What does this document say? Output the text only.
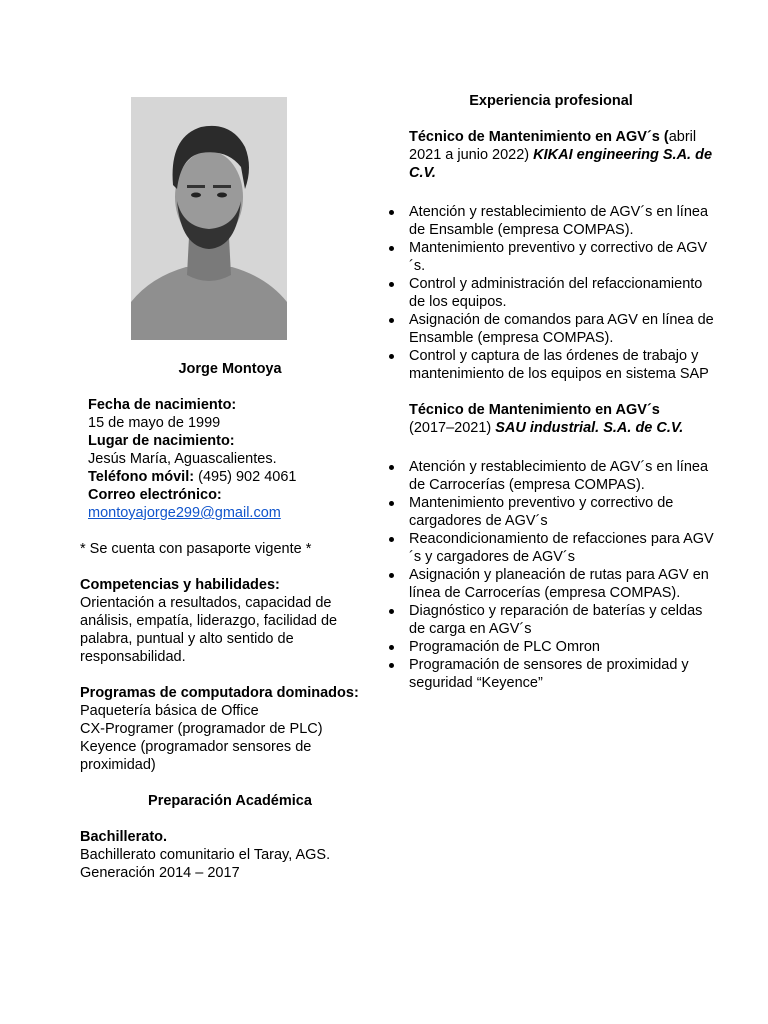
Jorge Montoya
Fecha de nacimiento:
15 de mayo de 1999
Lugar de nacimiento:
Jesús María, Aguascalientes.
Teléfono móvil: (495) 902 4061
Correo electrónico:
montoyajorge299@gmail.com
* Se cuenta con pasaporte vigente *
Competencias y habilidades:
Orientación a resultados, capacidad de análisis, empatía, liderazgo, facilidad de palabra, puntual y alto sentido de responsabilidad.
Programas de computadora dominados:
Paquetería básica de Office
CX-Programer (programador de PLC)
Keyence (programador sensores de proximidad)
Preparación Académica
Bachillerato.
Bachillerato comunitario el Taray, AGS.
Generación 2014 – 2017
Experiencia profesional
Técnico de Mantenimiento en AGV´s (abril 2021 a junio 2022) KIKAI engineering S.A. de C.V.
Atención y restablecimiento de AGV´s en línea de Ensamble (empresa COMPAS).
Mantenimiento preventivo y correctivo de AGV´s.
Control y administración del refaccionamiento de los equipos.
Asignación de comandos para AGV en línea de Ensamble (empresa COMPAS).
Control y captura de las órdenes de trabajo y mantenimiento de los equipos en sistema SAP
Técnico de Mantenimiento en AGV´s
(2017–2021) SAU industrial. S.A. de C.V.
Atención y restablecimiento de AGV´s en línea de Carrocerías (empresa COMPAS).
Mantenimiento preventivo y correctivo de cargadores de AGV´s
Reacondicionamiento de refacciones para AGV´s y cargadores de AGV´s
Asignación y planeación de rutas para AGV en línea de Carrocerías (empresa COMPAS).
Diagnóstico y reparación de baterías y celdas de carga en AGV´s
Programación de PLC Omron
Programación de sensores de proximidad y seguridad “Keyence”
